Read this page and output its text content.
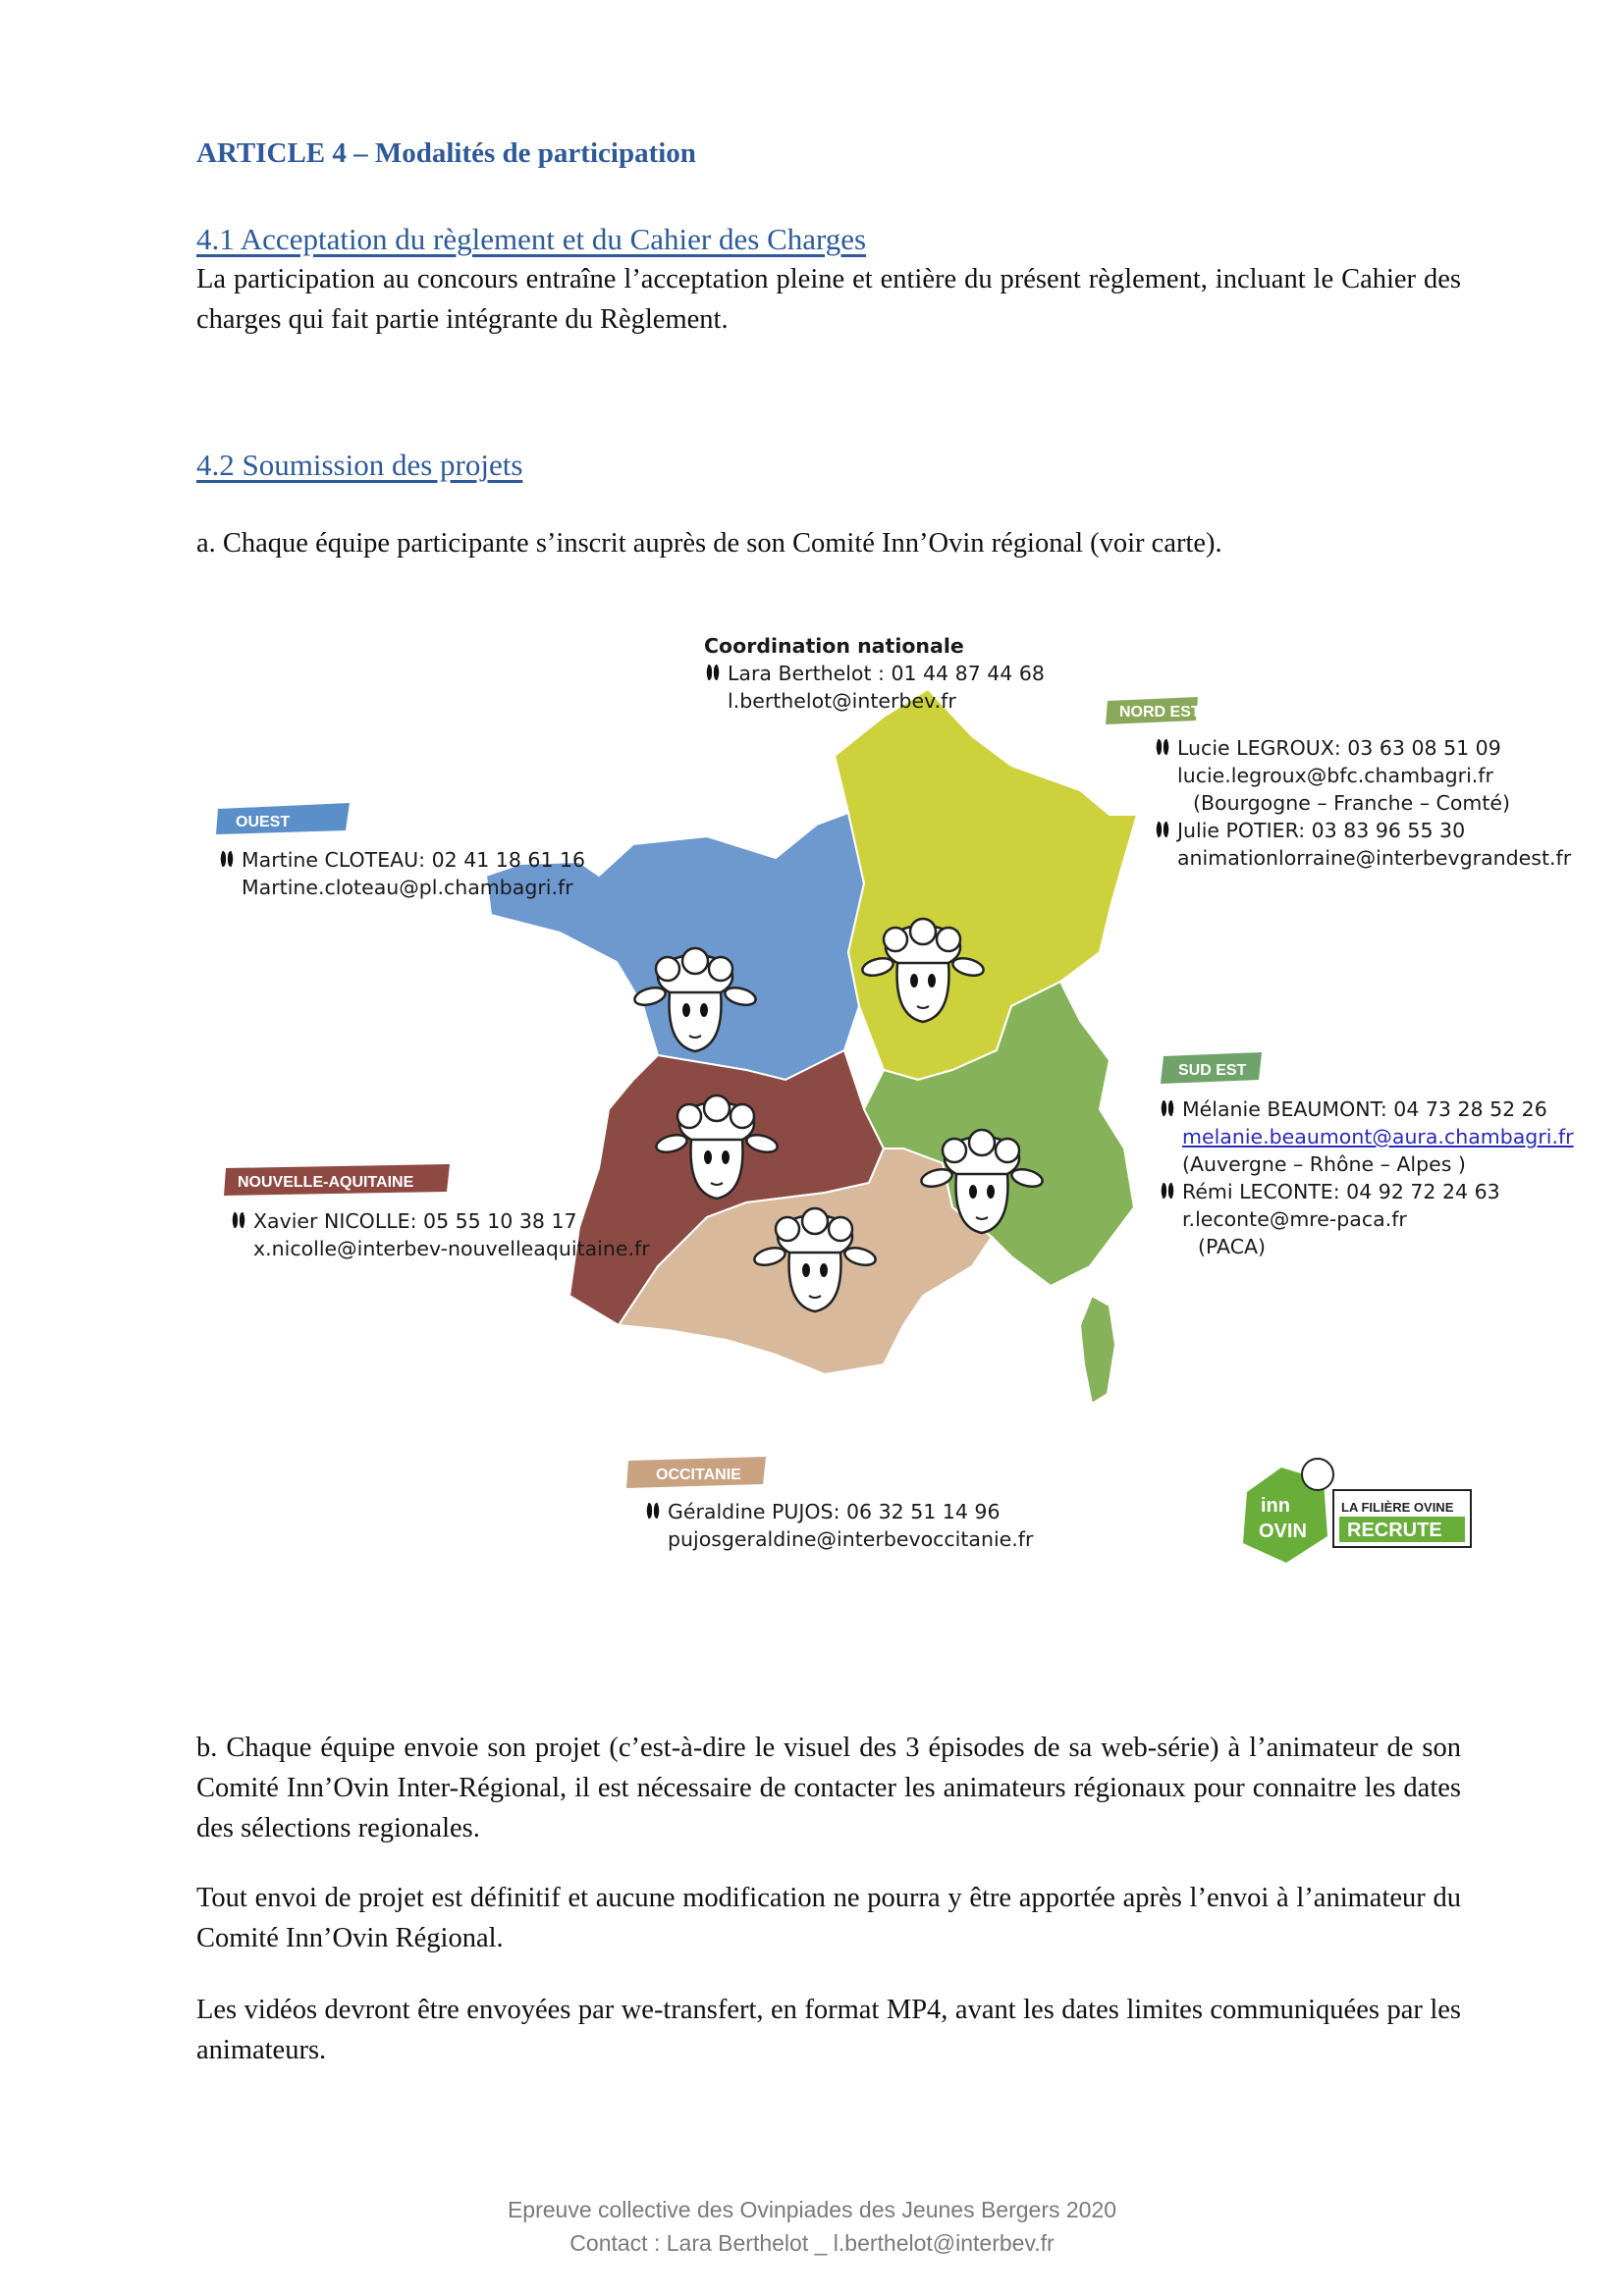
ARTICLE 4 – Modalités de participation
4.1 Acceptation du règlement et du Cahier des Charges
La participation au concours entraîne l’acceptation pleine et entière du présent règlement, incluant le Cahier des charges qui fait partie intégrante du Règlement.
4.2 Soumission des projets
a. Chaque équipe participante s’inscrit auprès de son Comité Inn’Ovin régional (voir carte).
NORD EST
OUEST
SUD EST
NOUVELLE-AQUITAINE
OCCITANIE
inn
OVIN
LA FILIÈRE OVINE
RECRUTE
Coordination nationale
Lara Berthelot : 01 44 87 44 68
l.berthelot@interbev.fr
Lucie LEGROUX: 03 63 08 51 09
lucie.legroux@bfc.chambagri.fr
(Bourgogne – Franche – Comté)
Julie POTIER: 03 83 96 55 30
animationlorraine@interbevgrandest.fr
Martine CLOTEAU: 02 41 18 61 16
Martine.cloteau@pl.chambagri.fr
Mélanie BEAUMONT: 04 73 28 52 26
melanie.beaumont@aura.chambagri.fr
(Auvergne – Rhône – Alpes )
Rémi LECONTE: 04 92 72 24 63
r.leconte@mre-paca.fr
(PACA)
Xavier NICOLLE: 05 55 10 38 17
x.nicolle@interbev-nouvelleaquitaine.fr
Géraldine PUJOS: 06 32 51 14 96
pujosgeraldine@interbevoccitanie.fr
b. Chaque équipe envoie son projet (c’est-à-dire le visuel des 3 épisodes de sa web-série) à l’animateur de son Comité Inn’Ovin Inter-Régional, il est nécessaire de contacter les animateurs régionaux pour connaitre les dates des sélections regionales.
Tout envoi de projet est définitif et aucune modification ne pourra y être apportée après l’envoi à l’animateur du Comité Inn’Ovin Régional.
Les vidéos devront être envoyées par we-transfert, en format MP4, avant les dates limites communiquées par les animateurs.
Epreuve collective des Ovinpiades des Jeunes Bergers 2020
Contact : Lara Berthelot _ l.berthelot@interbev.fr
